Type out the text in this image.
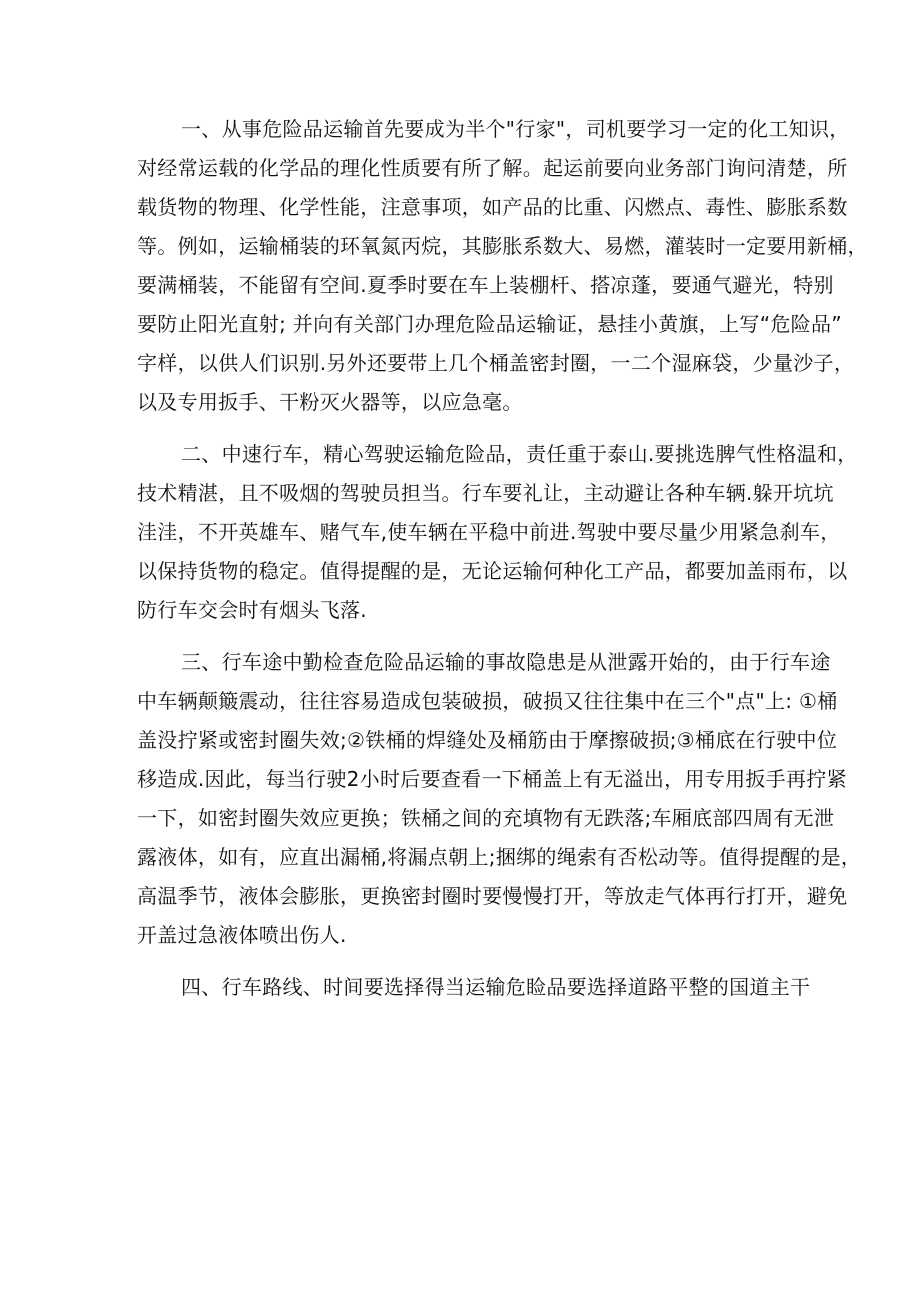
一、从事危险品运输首先要成为半个"行家"，司机要学习一定的化工知识，
对经常运载的化学品的理化性质要有所了解。起运前要向业务部门询问清楚，所
载货物的物理、化学性能，注意事项，如产品的比重、闪燃点、毒性、膨胀系数
等。例如，运输桶装的环氧氮丙烷，其膨胀系数大、易燃，灌装时一定要用新桶，
要满桶装，不能留有空间.夏季时要在车上装棚杆、搭凉蓬，要通气避光，特别
要防止阳光直射; 并向有关部门办理危险品运输证，悬挂小黄旗，上写“危险品”
字样，以供人们识别.另外还要带上几个桶盖密封圈，一二个湿麻袋，少量沙子，
以及专用扳手、干粉灭火器等，以应急毫。

二、中速行车，精心驾驶运输危险品，责任重于泰山.要挑选脾气性格温和，
技术精湛，且不吸烟的驾驶员担当。行车要礼让，主动避让各种车辆.躲开坑坑
洼洼，不开英雄车、赌气车,使车辆在平稳中前进.驾驶中要尽量少用紧急刹车，
以保持货物的稳定。值得提醒的是，无论运输何种化工产品，都要加盖雨布，以
防行车交会时有烟头飞落.

三、行车途中勤检查危险品运输的事故隐患是从泄露开始的，由于行车途
中车辆颠簸震动，往往容易造成包装破损，破损又往往集中在三个"点"上: ①桶
盖没拧紧或密封圈失效;②铁桶的焊缝处及桶筋由于摩擦破损;③桶底在行驶中位
移造成.因此，每当行驶2小时后要查看一下桶盖上有无溢出，用专用扳手再拧紧
一下，如密封圈失效应更换；铁桶之间的充填物有无跌落;车厢底部四周有无泄
露液体，如有，应直出漏桶,将漏点朝上;捆绑的绳索有否松动等。值得提醒的是，
高温季节，液体会膨胀，更换密封圈时要慢慢打开，等放走气体再行打开，避免
开盖过急液体喷出伤人.

四、行车路线、时间要选择得当运输危睑品要选择道路平整的国道主干
